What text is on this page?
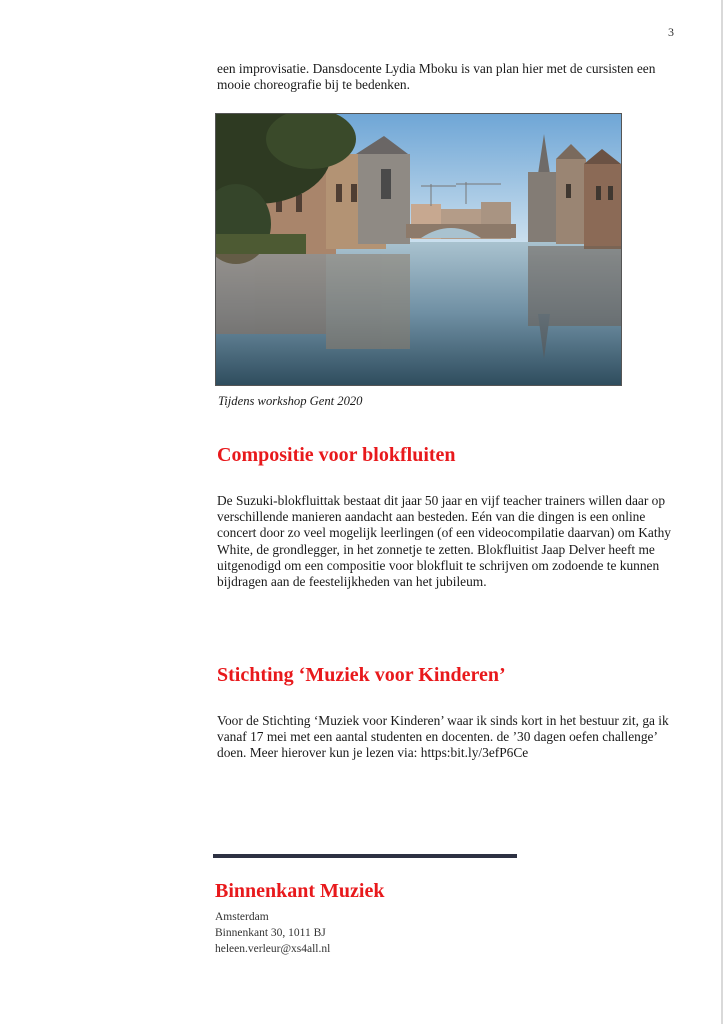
3

een improvisatie. Dansdocente Lydia Mboku is van plan hier met de cursisten een mooie choreografie bij te bedenken.

Tijdens workshop Gent 2020
Compositie voor blokfluiten

De Suzuki-blokfluittak bestaat dit jaar 50 jaar en vijf teacher trainers willen daar op verschillende manieren aandacht aan besteden. Eén van die dingen is een online concert door zo veel mogelijk leerlingen (of een videocompilatie daarvan) om Kathy White, de grondlegger, in het zonnetje te zetten. Blokfluitist Jaap Delver heeft me uitgenodigd om een compositie voor blokfluit te schrijven om zodoende te kunnen bijdragen aan de feestelijkheden van het jubileum.

Stichting ‘Muziek voor Kinderen’

Voor de Stichting ‘Muziek voor Kinderen’ waar ik sinds kort in het bestuur zit, ga ik vanaf 17 mei met een aantal studenten en docenten. de ’30 dagen oefen challenge’ doen. Meer hierover kun je lezen via: https:bit.ly/3efP6Ce

Binnenkant Muziek
Amsterdam
Binnenkant 30, 1011 BJ
heleen.verleur@xs4all.nl
